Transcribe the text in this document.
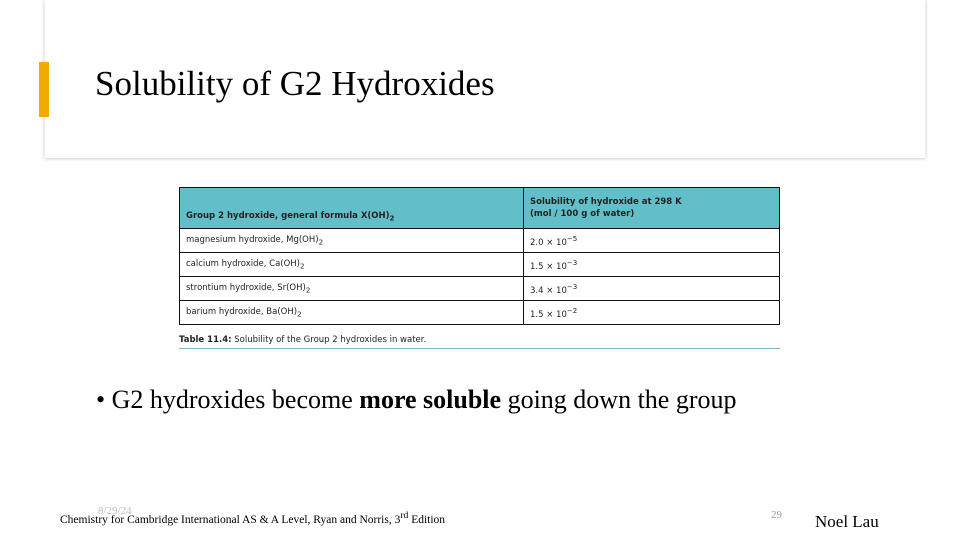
Solubility of G2 Hydroxides
Group 2 hydroxide, general formula $X(OH)_2$	Solubility of hydroxide at 298 K
(mol / 100 g of water)
magnesium hydroxide, $Mg(OH)_2$	$2.0 \times 10^{-5}$
calcium hydroxide, $Ca(OH)_2$	$1.5 \times 10^{-3}$
strontium hydroxide, $Sr(OH)_2$	$3.4 \times 10^{-3}$
barium hydroxide, $Ba(OH)_2$	$1.5 \times 10^{-2}$
Table 11.4: Solubility of the Group 2 hydroxides in water.
• G2 hydroxides become more soluble going down the group
8/29/24
Chemistry for Cambridge International AS & A Level, Ryan and Norris, 3rd Edition	29 Noel Lau
